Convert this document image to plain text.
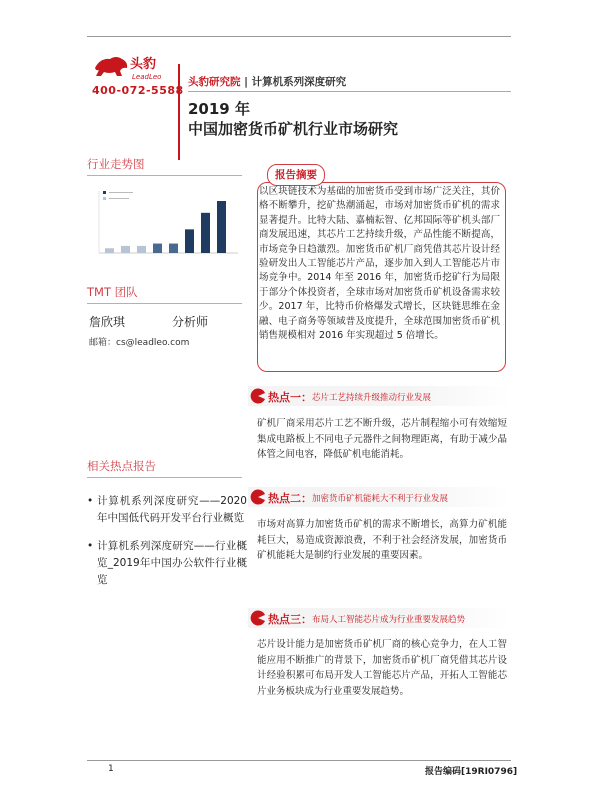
头豹
LeadLeo
400-072-5588
头豹研究院 | 计算机系列深度研究
2019 年
中国加密货币矿机行业市场研究
行业走势图
TMT 团队
詹欣琪	分析师
邮箱：cs@leadleo.com
相关热点报告
• 计算机系列深度研究——2020 年中国低代码开发平台行业概览
• 计算机系列深度研究——行业概览_2019年中国办公软件行业概览
报告摘要
以区块链技术为基础的加密货币受到市场广泛关注，其价格不断攀升，挖矿热潮涌起，市场对加密货币矿机的需求显著提升。比特大陆、嘉楠耘智、亿邦国际等矿机头部厂商发展迅速，其芯片工艺持续升级，产品性能不断提高，市场竞争日趋激烈。加密货币矿机厂商凭借其芯片设计经验研发出人工智能芯片产品，逐步加入到人工智能芯片市场竞争中。2014 年至 2016 年，加密货币挖矿行为局限于部分个体投资者，全球市场对加密货币矿机设备需求较少。2017 年，比特币价格爆发式增长，区块链思维在金融、电子商务等领域普及度提升，全球范围加密货币矿机销售规模相对 2016 年实现超过 5 倍增长。
热点一： 芯片工艺持续升级推动行业发展
矿机厂商采用芯片工艺不断升级，芯片制程缩小可有效缩短集成电路板上不同电子元器件之间物理距离，有助于减少晶体管之间电容，降低矿机电能消耗。
热点二： 加密货币矿机能耗大不利于行业发展
市场对高算力加密货币矿机的需求不断增长，高算力矿机能耗巨大，易造成资源浪费，不利于社会经济发展，加密货币矿机能耗大是制约行业发展的重要因素。
热点三： 布局人工智能芯片成为行业重要发展趋势
芯片设计能力是加密货币矿机厂商的核心竞争力，在人工智能应用不断推广的背景下，加密货币矿机厂商凭借其芯片设计经验积累可布局开发人工智能芯片产品，开拓人工智能芯片业务板块成为行业重要发展趋势。
1	报告编码[19RI0796]
